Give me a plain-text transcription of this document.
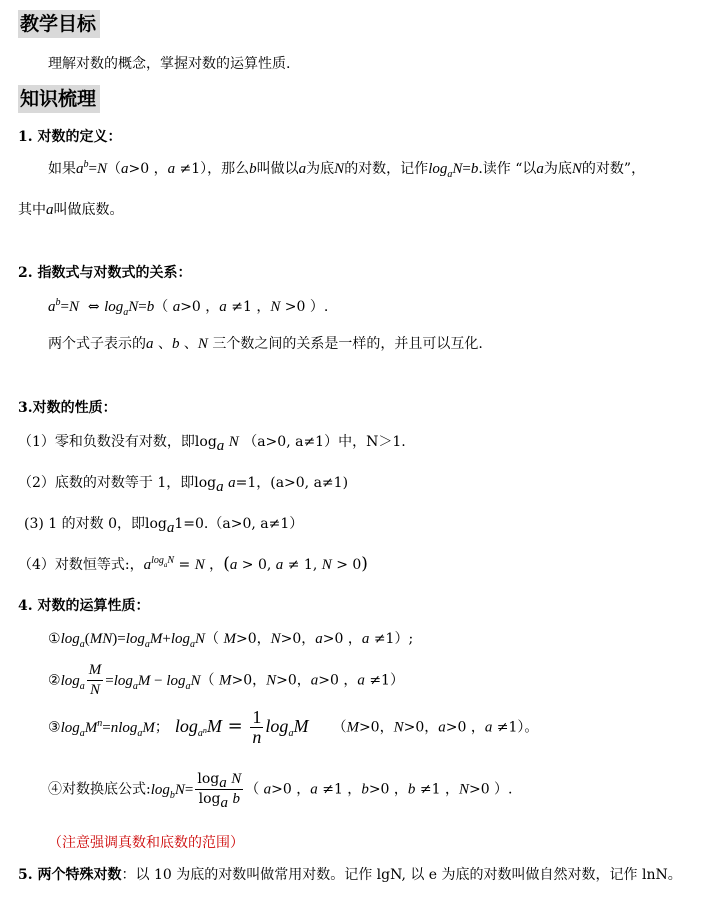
教学目标
理解对数的概念，掌握对数的运算性质.
知识梳理
1. 对数的定义：
如果$a^b=N(a>0$ ，a ≠1），那么b叫做以a为底N的对数，记作$\log_aN=b$.读作 “以a为底N的对数”，
其中a叫做底数。
2. 指数式与对数式的关系：
$a^b=N$  ⇔ $\log_aN=b$（ a>0 ，a ≠1 ，N >0 ）.
两个式子表示的a 、b 、N 三个数之间的关系是一样的，并且可以互化.
3.对数的性质：
（1）零和负数没有对数，即$\log_a N$ （a>0, a≠1）中，N＞1.
（2）底数的对数等于 1，即$\log_a a=1$，(a>0, a≠1)
(3) 1 的对数 0，即$\log_a1=0.(a>0$, a≠1）
（4）对数恒等式:，$a^{log_aN} = N$ ，(a > 0, a ≠ 1, N > 0)
4. 对数的运算性质：
$①\log_a(MN)=\log_aM+\log_aN$（ M>0，N>0，a>0 ，a ≠1）;
$②\log_a \frac{M}{N} =\log_aM - \log_aN$（ M>0，N>0，a>0 ，a ≠1）
$③\log_aM^n=nlog_aM$； $\log_{a^n}M = \frac{1}{n} \log_aM$ （M>0，N>0，a>0 ，a ≠1）。
④对数换底公式$:\log_bN= \frac{\log_a N}{\log_a b}$ （ a>0 ，a ≠1 ，b>0 ，b ≠1 ，N>0 ）.
（注意强调真数和底数的范围）
5. 两个特殊对数：以 10 为底的对数叫做常用对数。记作 lgN, 以 e 为底的对数叫做自然对数，记作 lnN。
